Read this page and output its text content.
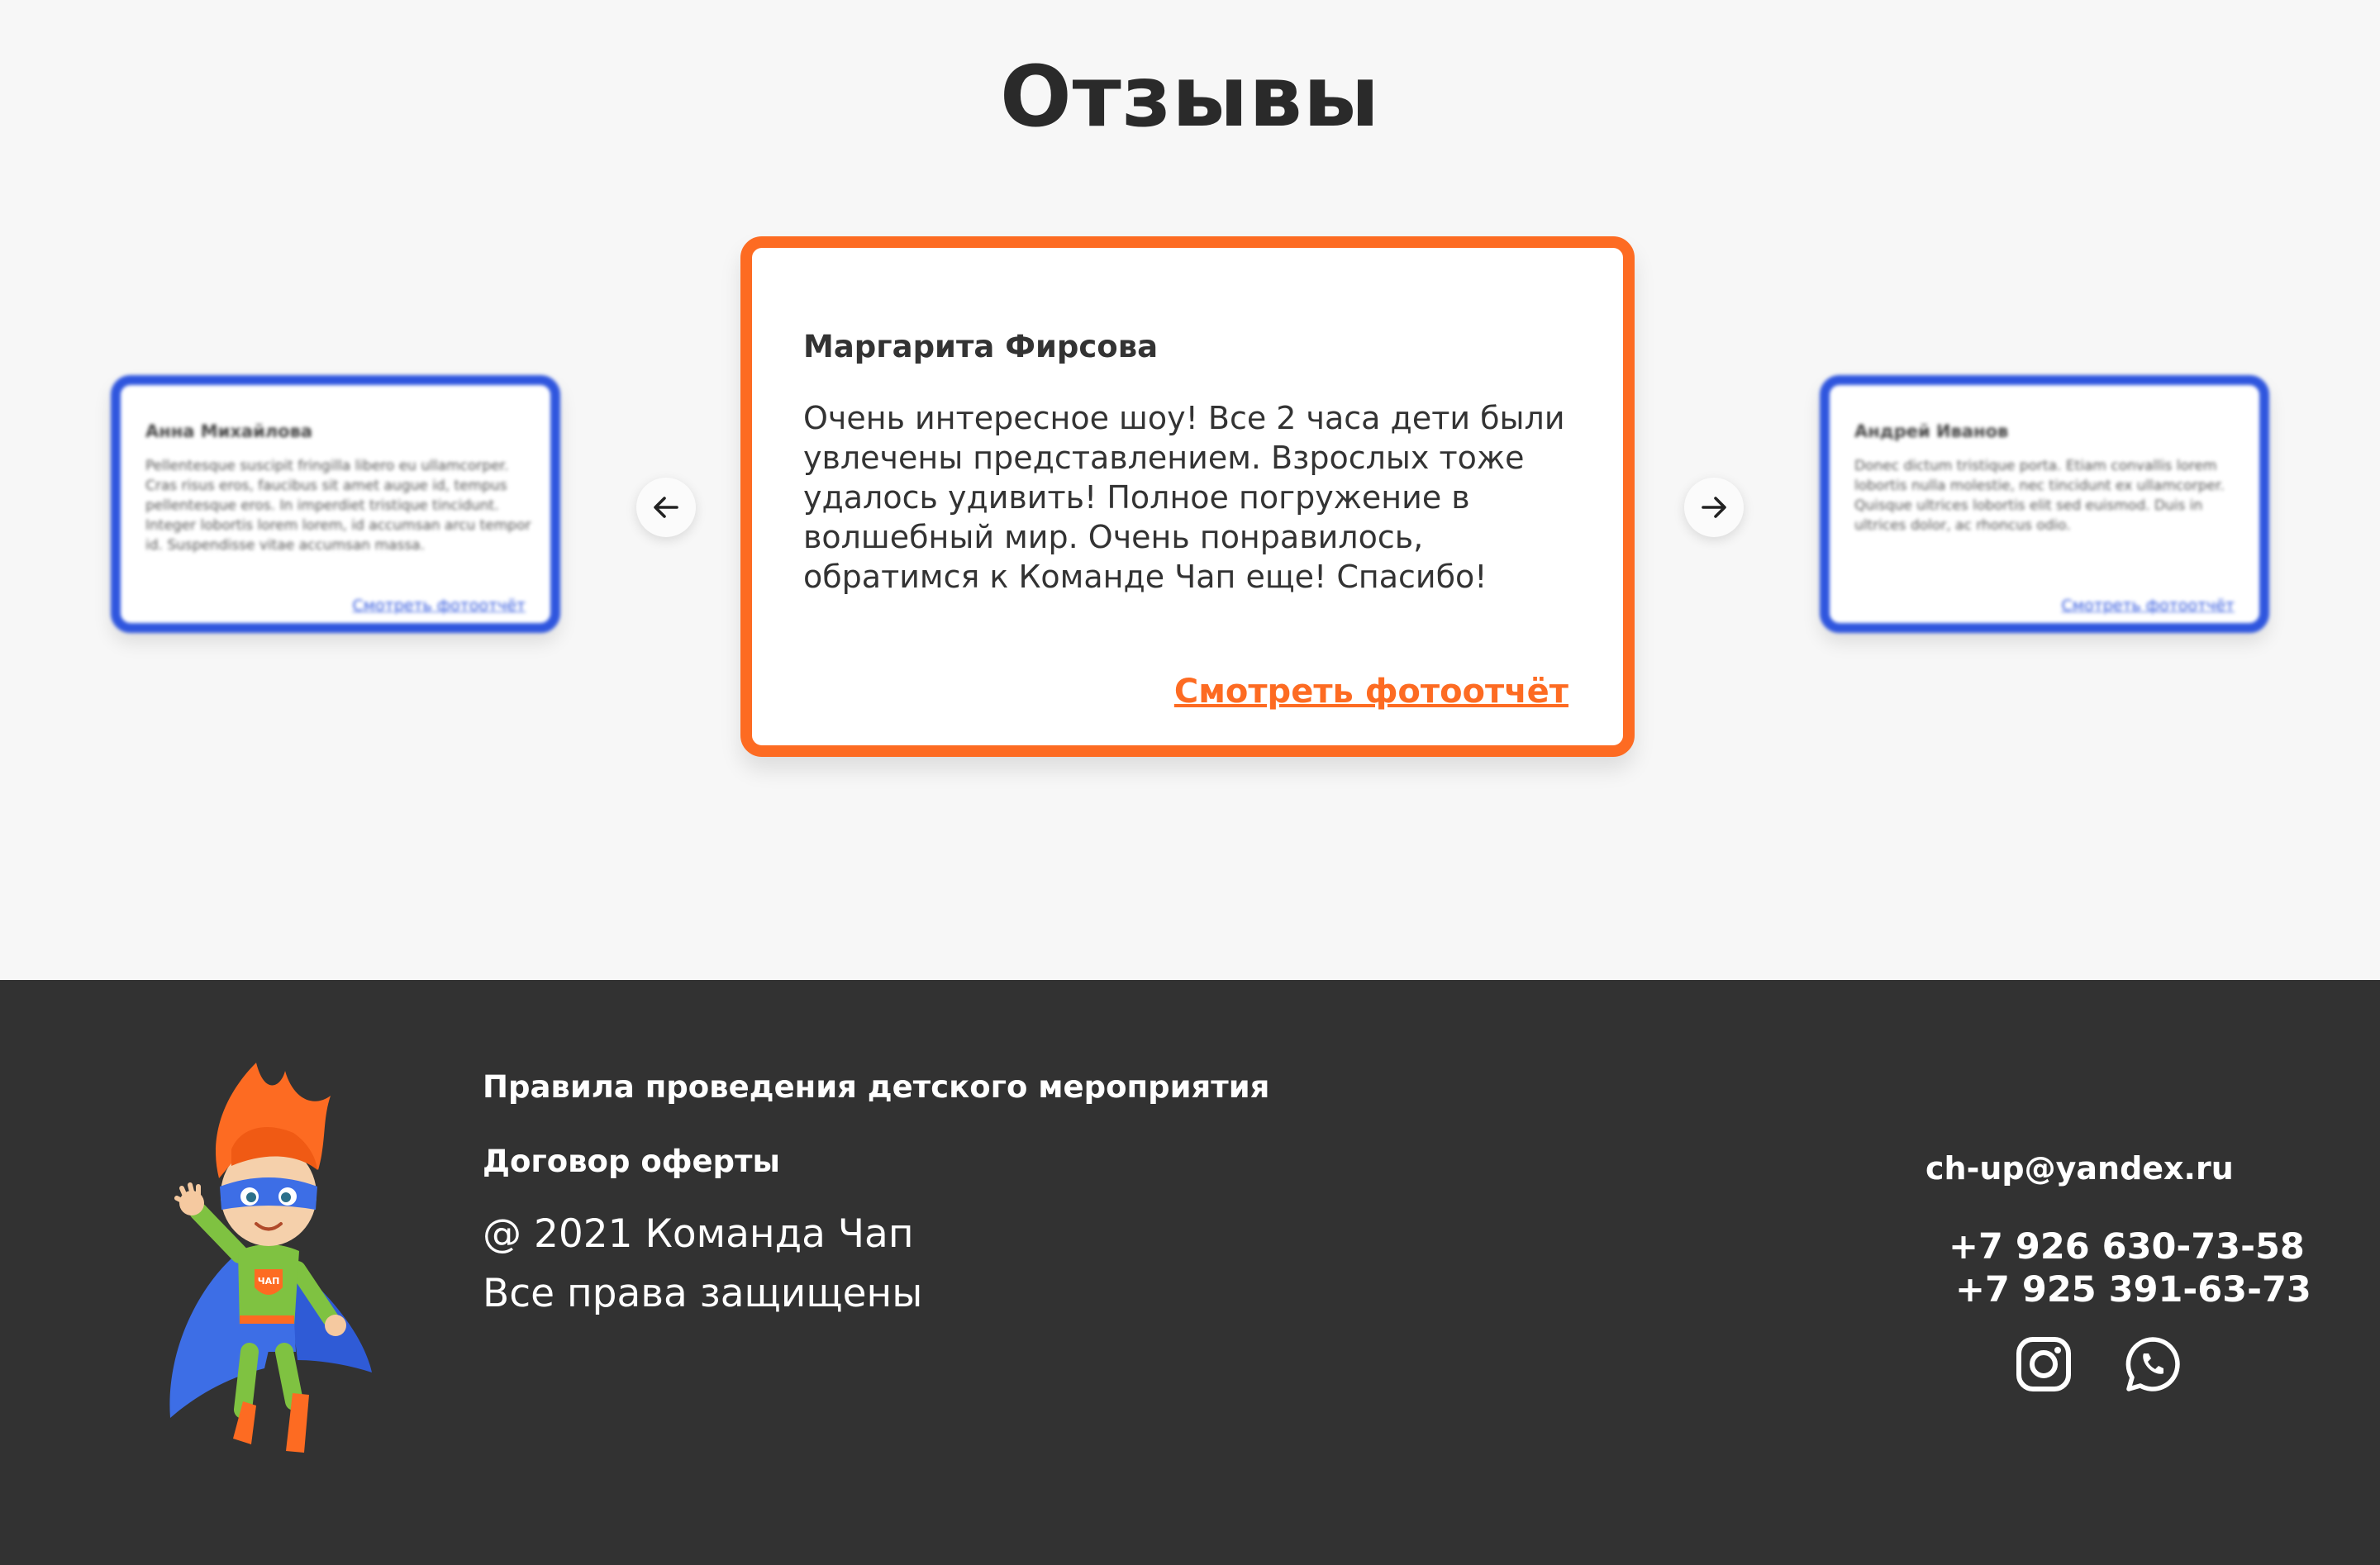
Отзывы
Анна Михайлова

Pellentesque suscipit fringilla libero eu ullamcorper. Cras risus eros, faucibus sit amet augue id, tempus pellentesque eros. In imperdiet tristique tincidunt. Integer lobortis lorem lorem, id accumsan arcu tempor id. Suspendisse vitae accumsan massa.

Смотреть фотоотчёт
Маргарита Фирсова

Очень интересное шоу! Все 2 часа дети были увлечены представлением. Взрослых тоже удалось удивить! Полное погружение в волшебный мир. Очень понравилось, обратимся к Команде Чап еще! Спасибо!

Смотреть фотоотчёт
Андрей Иванов

Donec dictum tristique porta. Etiam convallis lorem lobortis nulla molestie, nec tincidunt ex ullamcorper. Quisque ultrices lobortis elit sed euismod. Duis in ultrices dolor, ac rhoncus odio.

Смотреть фотоотчёт
ЧАП
Правила проведения детского мероприятия
Договор оферты
@ 2021 Команда Чап
Все права защищены
ch-up@yandex.ru
+7 926 630-73-58
+7 925 391-63-73
